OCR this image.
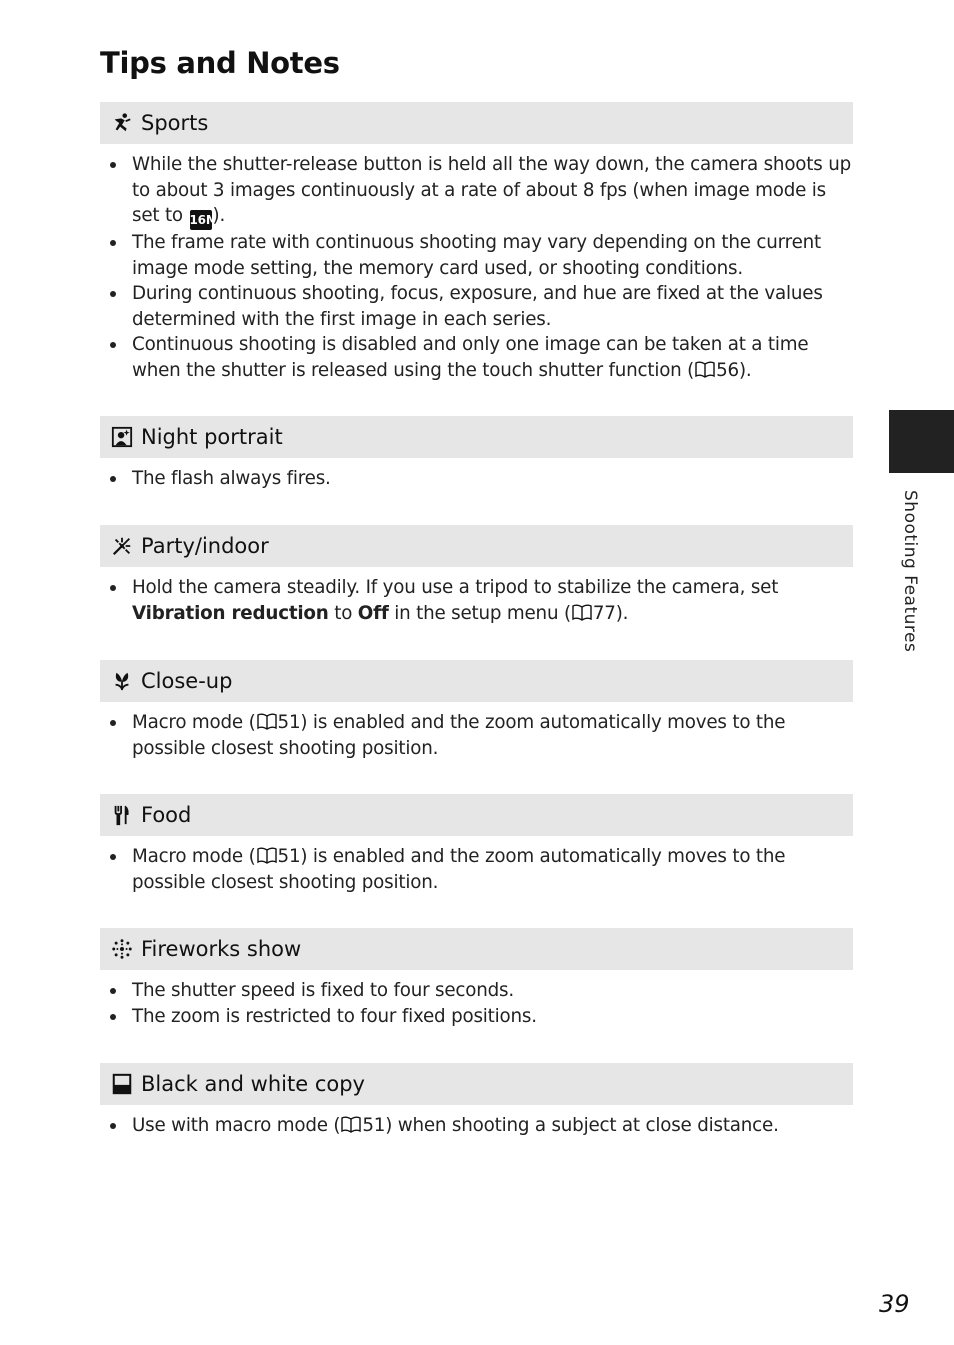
Tips and Notes
Sports
While the shutter-release button is held all the way down, the camera shoots up to about 3 images continuously at a rate of about 8 fps (when image mode is set to 16M).
The frame rate with continuous shooting may vary depending on the current image mode setting, the memory card used, or shooting conditions.
During continuous shooting, focus, exposure, and hue are fixed at the values determined with the first image in each series.
Continuous shooting is disabled and only one image can be taken at a time when the shutter is released using the touch shutter function ( 56).
Night portrait
The flash always fires.
Party/indoor
Hold the camera steadily. If you use a tripod to stabilize the camera, set Vibration reduction to Off in the setup menu ( 77).
Close-up
Macro mode ( 51) is enabled and the zoom automatically moves to the possible closest shooting position.
Food
Macro mode ( 51) is enabled and the zoom automatically moves to the possible closest shooting position.
Fireworks show
The shutter speed is fixed to four seconds.
The zoom is restricted to four fixed positions.
Black and white copy
Use with macro mode ( 51) when shooting a subject at close distance.
Shooting Features
39
